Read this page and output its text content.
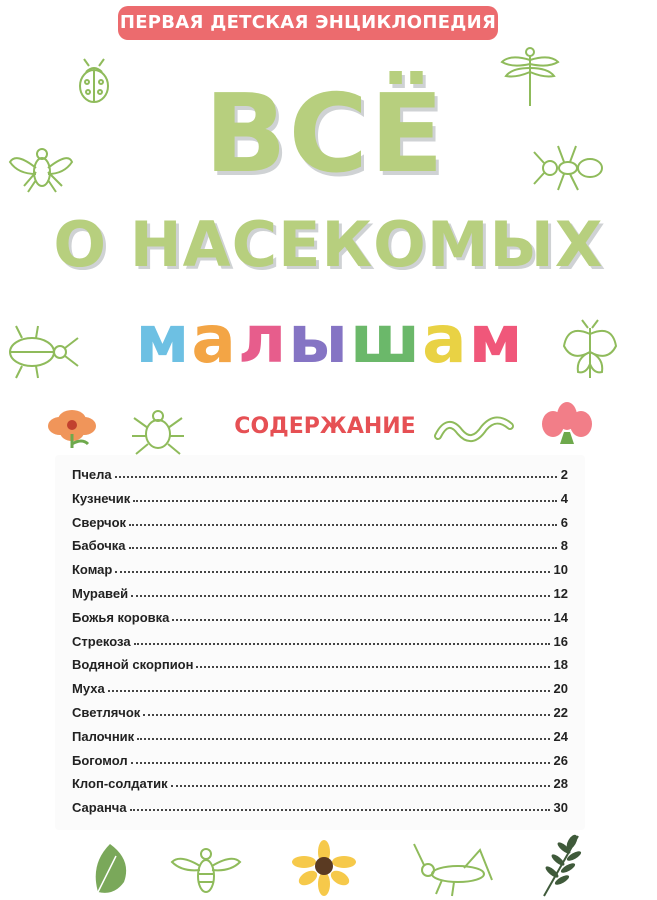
ПЕРВАЯ ДЕТСКАЯ ЭНЦИКЛОПЕДИЯ
ВСЁ
О НАСЕКОМЫХ
малышам
СОДЕРЖАНИЕ
Пчела	2
Кузнечик	4
Сверчок	6
Бабочка	8
Комар	10
Муравей	12
Божья коровка	14
Стрекоза	16
Водяной скорпион	18
Муха	20
Светлячок	22
Палочник	24
Богомол	26
Клоп-солдатик	28
Саранча	30
